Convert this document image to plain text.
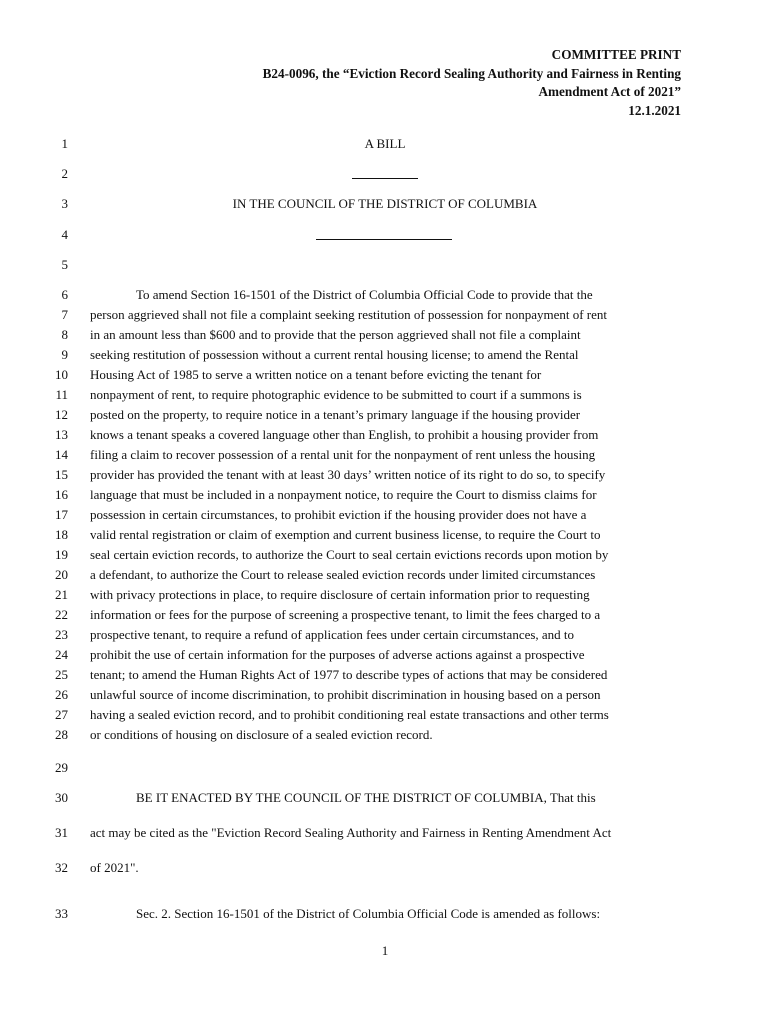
COMMITTEE PRINT
B24-0096, the “Eviction Record Sealing Authority and Fairness in Renting
Amendment Act of 2021”
12.1.2021
1
2
3
4
5
6
7
8
9
10
11
12
13
14
15
16
17
18
19
20
21
22
23
24
25
26
27
28
29
30
31
32
33
A BILL
IN THE COUNCIL OF THE DISTRICT OF COLUMBIA
To amend Section 16-1501 of the District of Columbia Official Code to provide that the
person aggrieved shall not file a complaint seeking restitution of possession for nonpayment of rent
in an amount less than $600 and to provide that the person aggrieved shall not file a complaint
seeking restitution of possession without a current rental housing license; to amend the Rental
Housing Act of 1985 to serve a written notice on a tenant before evicting the tenant for
nonpayment of rent, to require photographic evidence to be submitted to court if a summons is
posted on the property, to require notice in a tenant’s primary language if the housing provider
knows a tenant speaks a covered language other than English, to prohibit a housing provider from
filing a claim to recover possession of a rental unit for the nonpayment of rent unless the housing
provider has provided the tenant with at least 30 days’ written notice of its right to do so, to specify
language that must be included in a nonpayment notice, to require the Court to dismiss claims for
possession in certain circumstances, to prohibit eviction if the housing provider does not have a
valid rental registration or claim of exemption and current business license, to require the Court to
seal certain eviction records, to authorize the Court to seal certain evictions records upon motion by
a defendant, to authorize the Court to release sealed eviction records under limited circumstances
with privacy protections in place, to require disclosure of certain information prior to requesting
information or fees for the purpose of screening a prospective tenant, to limit the fees charged to a
prospective tenant, to require a refund of application fees under certain circumstances, and to
prohibit the use of certain information for the purposes of adverse actions against a prospective
tenant; to amend the Human Rights Act of 1977 to describe types of actions that may be considered
unlawful source of income discrimination, to prohibit discrimination in housing based on a person
having a sealed eviction record, and to prohibit conditioning real estate transactions and other terms
or conditions of housing on disclosure of a sealed eviction record.
BE IT ENACTED BY THE COUNCIL OF THE DISTRICT OF COLUMBIA, That this
act may be cited as the "Eviction Record Sealing Authority and Fairness in Renting Amendment Act
of 2021".
Sec. 2. Section 16-1501 of the District of Columbia Official Code is amended as follows:
1
